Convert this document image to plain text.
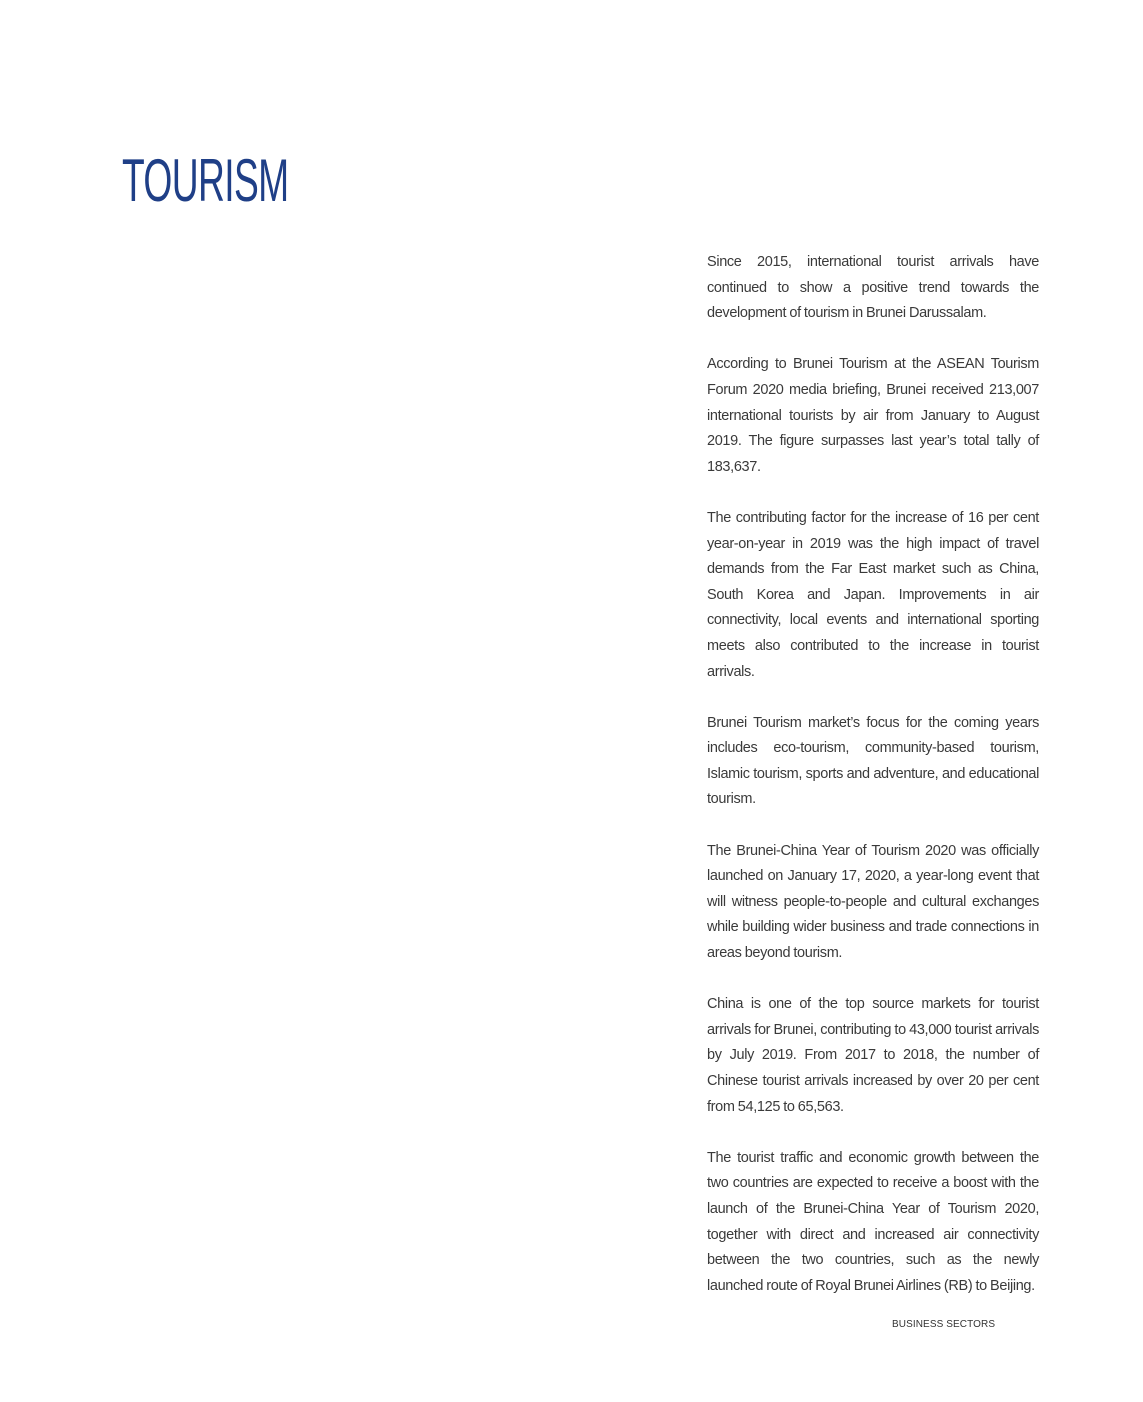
TOURISM

Since 2015, international tourist arrivals have continued to show a positive trend towards the development of tourism in Brunei Darussalam.

According to Brunei Tourism at the ASEAN Tourism Forum 2020 media briefing, Brunei received 213,007 international tourists by air from January to August 2019. The figure surpasses last year’s total tally of 183,637.

The contributing factor for the increase of 16 per cent year-on-year in 2019 was the high impact of travel demands from the Far East market such as China, South Korea and Japan. Improvements in air connectivity, local events and international sporting meets also contributed to the increase in tourist arrivals.

Brunei Tourism market’s focus for the coming years includes eco-tourism, community-based tourism, Islamic tourism, sports and adventure, and educational tourism.

The Brunei-China Year of Tourism 2020 was officially launched on January 17, 2020, a year-long event that will witness people-to-people and cultural exchanges while building wider business and trade connections in areas beyond tourism.

China is one of the top source markets for tourist arrivals for Brunei, contributing to 43,000 tourist arrivals by July 2019. From 2017 to 2018, the number of Chinese tourist arrivals increased by over 20 per cent from 54,125 to 65,563.

The tourist traffic and economic growth between the two countries are expected to receive a boost with the launch of the Brunei-China Year of Tourism 2020, together with direct and increased air connectivity between the two countries, such as the newly launched route of Royal Brunei Airlines (RB) to Beijing.

BUSINESS SECTORS
